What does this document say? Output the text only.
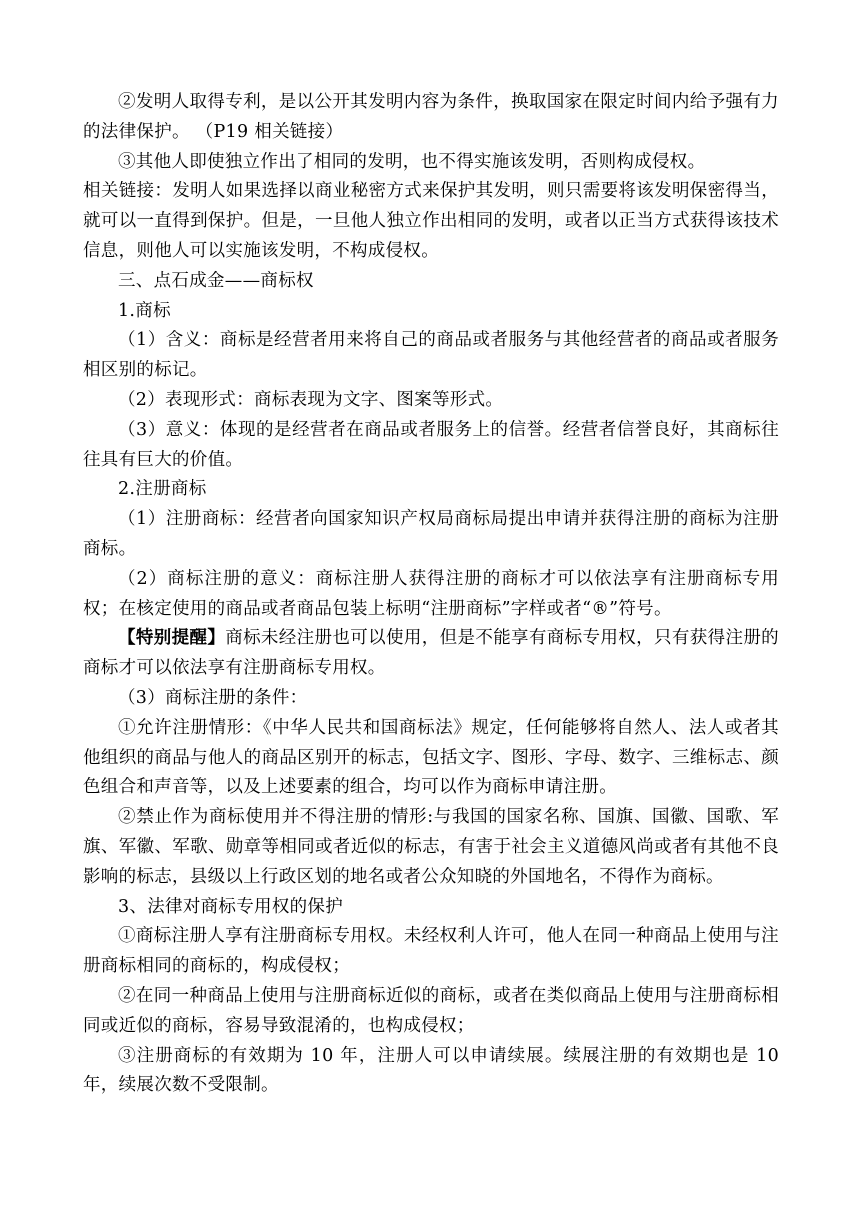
②发明人取得专利，是以公开其发明内容为条件，换取国家在限定时间内给予强有力的法律保护。 （P19 相关链接）

③其他人即使独立作出了相同的发明，也不得实施该发明，否则构成侵权。

相关链接：发明人如果选择以商业秘密方式来保护其发明，则只需要将该发明保密得当，就可以一直得到保护。但是，一旦他人独立作出相同的发明，或者以正当方式获得该技术信息，则他人可以实施该发明，不构成侵权。

三、点石成金——商标权

1.商标

（1）含义：商标是经营者用来将自己的商品或者服务与其他经营者的商品或者服务相区别的标记。

（2）表现形式：商标表现为文字、图案等形式。

（3）意义：体现的是经营者在商品或者服务上的信誉。经营者信誉良好，其商标往往具有巨大的价值。

2.注册商标

（1）注册商标：经营者向国家知识产权局商标局提出申请并获得注册的商标为注册商标。

（2）商标注册的意义：商标注册人获得注册的商标才可以依法享有注册商标专用权；在核定使用的商品或者商品包装上标明“注册商标”字样或者“®”符号。

【特别提醒】商标未经注册也可以使用，但是不能享有商标专用权，只有获得注册的商标才可以依法享有注册商标专用权。

（3）商标注册的条件：

①允许注册情形：《中华人民共和国商标法》规定，任何能够将自然人、法人或者其他组织的商品与他人的商品区别开的标志，包括文字、图形、字母、数字、三维标志、颜色组合和声音等，以及上述要素的组合，均可以作为商标申请注册。

②禁止作为商标使用并不得注册的情形:与我国的国家名称、国旗、国徽、国歌、军旗、军徽、军歌、勋章等相同或者近似的标志，有害于社会主义道德风尚或者有其他不良影响的标志，县级以上行政区划的地名或者公众知晓的外国地名，不得作为商标。

3、法律对商标专用权的保护

①商标注册人享有注册商标专用权。未经权利人许可，他人在同一种商品上使用与注册商标相同的商标的，构成侵权；

②在同一种商品上使用与注册商标近似的商标，或者在类似商品上使用与注册商标相同或近似的商标，容易导致混淆的，也构成侵权；

③注册商标的有效期为 10 年，注册人可以申请续展。续展注册的有效期也是 10 年，续展次数不受限制。
